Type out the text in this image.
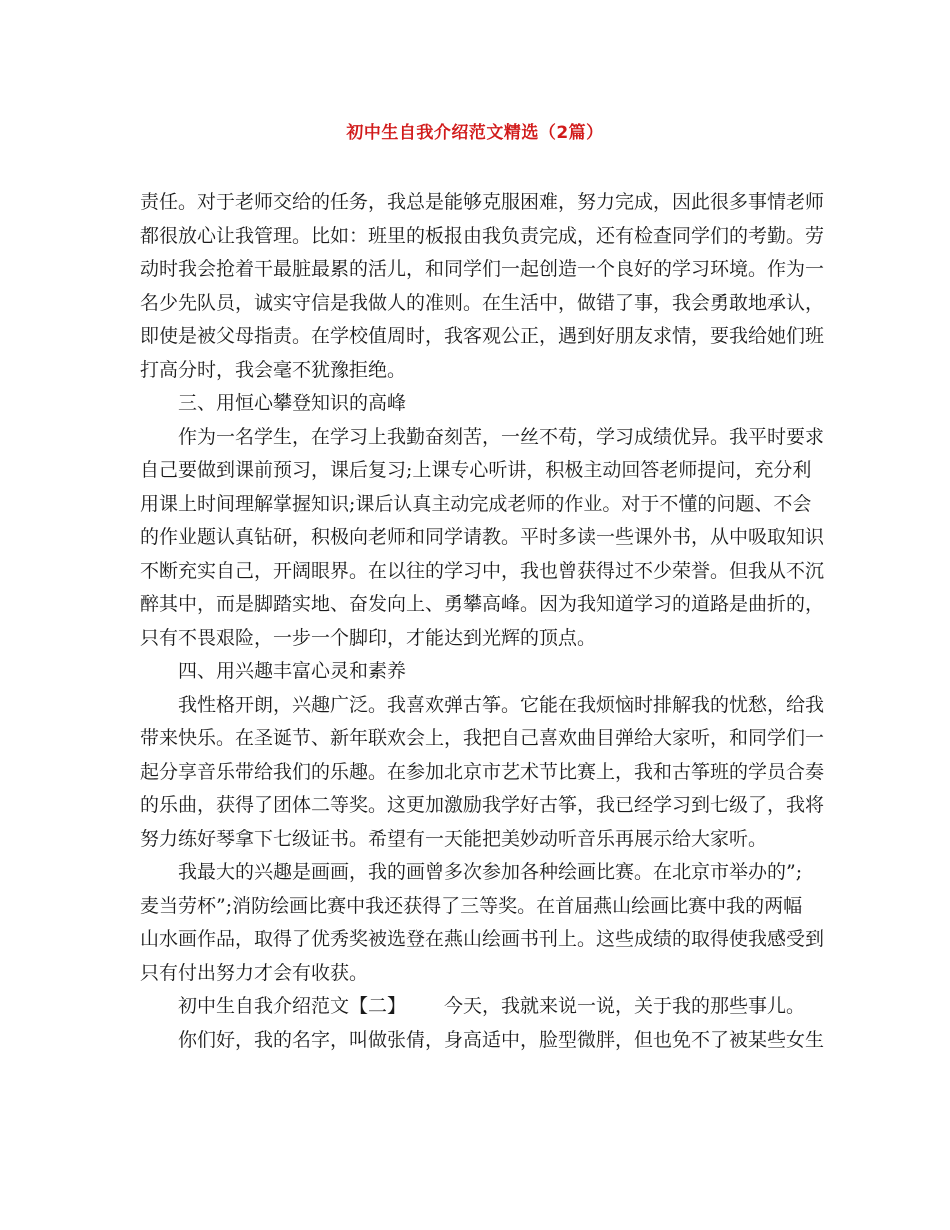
初中生自我介绍范文精选（2篇）
责任。对于老师交给的任务，我总是能够克服困难，努力完成，因此很多事情老师
都很放心让我管理。比如：班里的板报由我负责完成，还有检查同学们的考勤。劳
动时我会抢着干最脏最累的活儿，和同学们一起创造一个良好的学习环境。作为一
名少先队员，诚实守信是我做人的准则。在生活中，做错了事，我会勇敢地承认，
即使是被父母指责。在学校值周时，我客观公正，遇到好朋友求情，要我给她们班
打高分时，我会毫不犹豫拒绝。
三、用恒心攀登知识的高峰
作为一名学生，在学习上我勤奋刻苦，一丝不苟，学习成绩优异。我平时要求
自己要做到课前预习，课后复习;上课专心听讲，积极主动回答老师提问，充分利
用课上时间理解掌握知识;课后认真主动完成老师的作业。对于不懂的问题、不会
的作业题认真钻研，积极向老师和同学请教。平时多读一些课外书，从中吸取知识
不断充实自己，开阔眼界。在以往的学习中，我也曾获得过不少荣誉。但我从不沉
醉其中，而是脚踏实地、奋发向上、勇攀高峰。因为我知道学习的道路是曲折的，
只有不畏艰险，一步一个脚印，才能达到光辉的顶点。
四、用兴趣丰富心灵和素养
我性格开朗，兴趣广泛。我喜欢弹古筝。它能在我烦恼时排解我的忧愁，给我
带来快乐。在圣诞节、新年联欢会上，我把自己喜欢曲目弹给大家听，和同学们一
起分享音乐带给我们的乐趣。在参加北京市艺术节比赛上，我和古筝班的学员合奏
的乐曲，获得了团体二等奖。这更加激励我学好古筝，我已经学习到七级了，我将
努力练好琴拿下七级证书。希望有一天能把美妙动听音乐再展示给大家听。
我最大的兴趣是画画，我的画曾多次参加各种绘画比赛。在北京市举办的”;
麦当劳杯”;消防绘画比赛中我还获得了三等奖。在首届燕山绘画比赛中我的两幅
山水画作品，取得了优秀奖被选登在燕山绘画书刊上。这些成绩的取得使我感受到
只有付出努力才会有收获。
初中生自我介绍范文【二】 今天，我就来说一说，关于我的那些事儿。
你们好，我的名字，叫做张倩，身高适中，脸型微胖，但也免不了被某些女生
